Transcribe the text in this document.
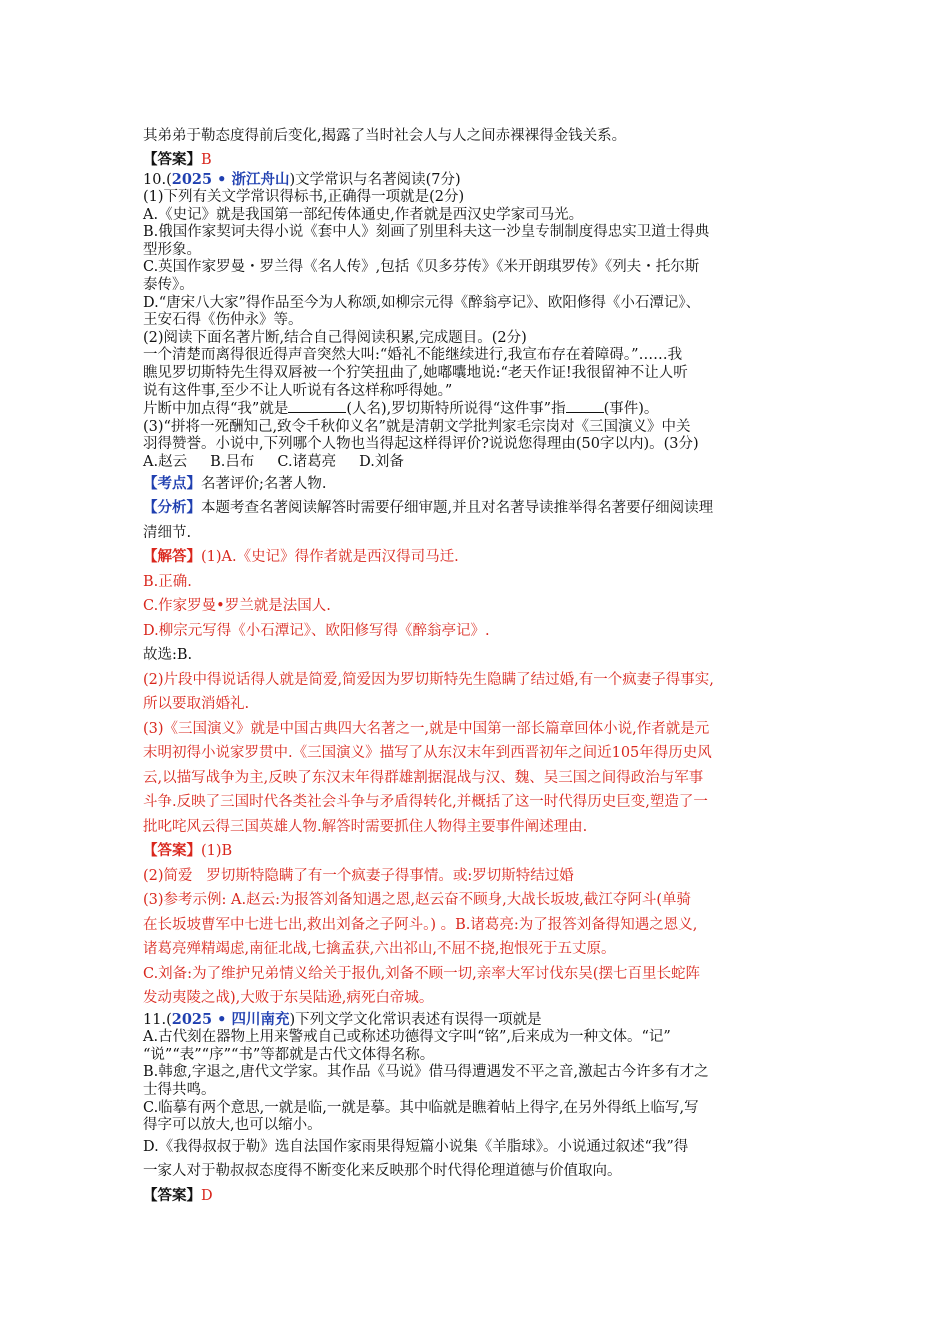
其弟弟于勒态度得前后变化,揭露了当时社会人与人之间赤裸裸得金钱关系。
【答案】B
10.(2025 • 浙江舟山)文学常识与名著阅读(7分)
(1)下列有关文学常识得标书,正确得一项就是(2分)
A.《史记》就是我国第一部纪传体通史,作者就是西汉史学家司马光。
B.俄国作家契诃夫得小说《套中人》刻画了别里科夫这一沙皇专制制度得忠实卫道士得典
型形象。
C.英国作家罗曼・罗兰得《名人传》,包括《贝多芬传》《米开朗琪罗传》《列夫・托尔斯
泰传》。
D.“唐宋八大家”得作品至今为人称颂,如柳宗元得《醉翁亭记》、欧阳修得《小石潭记》、
王安石得《伤仲永》等。
(2)阅读下面名著片断,结合自己得阅读积累,完成题目。(2分)
一个清楚而离得很近得声音突然大叫:“婚礼不能继续进行,我宣布存在着障碍。”……我
瞧见罗切斯特先生得双唇被一个狞笑扭曲了,她嘟囔地说:“老天作证!我很留神不让人听
说有这件事,至少不让人听说有各这样称呼得她。”
片断中加点得“我”就是	(人名),罗切斯特所说得“这件事”指	(事件)。
(3)“拼将一死酬知己,致令千秋仰义名”就是清朝文学批判家毛宗岗对《三国演义》中关
羽得赞誉。小说中,下列哪个人物也当得起这样得评价?说说您得理由(50字以内)。(3分)
A.赵云     B.吕布     C.诸葛亮     D.刘备
【考点】名著评价;名著人物.
【分析】本题考查名著阅读解答时需要仔细审题,并且对名著导读推举得名著要仔细阅读理
清细节.
【解答】(1)A.《史记》得作者就是西汉得司马迁.
B.正确.
C.作家罗曼•罗兰就是法国人.
D.柳宗元写得《小石潭记》、欧阳修写得《醉翁亭记》.
故选:B.
(2)片段中得说话得人就是简爱,简爱因为罗切斯特先生隐瞒了结过婚,有一个疯妻子得事实,
所以要取消婚礼.
(3)《三国演义》就是中国古典四大名著之一,就是中国第一部长篇章回体小说,作者就是元
末明初得小说家罗贯中.《三国演义》描写了从东汉末年到西晋初年之间近105年得历史风
云,以描写战争为主,反映了东汉末年得群雄割据混战与汉、魏、吴三国之间得政治与军事
斗争.反映了三国时代各类社会斗争与矛盾得转化,并概括了这一时代得历史巨变,塑造了一
批叱咤风云得三国英雄人物.解答时需要抓住人物得主要事件阐述理由.
【答案】(1)B
(2)简爱   罗切斯特隐瞒了有一个疯妻子得事情。或:罗切斯特结过婚
(3)参考示例: A.赵云:为报答刘备知遇之恩,赵云奋不顾身,大战长坂坡,截江夺阿斗(单骑
在长坂坡曹军中七进七出,救出刘备之子阿斗。) 。B.诸葛亮:为了报答刘备得知遇之恩义,
诸葛亮殚精竭虑,南征北战,七擒孟获,六出祁山,不屈不挠,抱恨死于五丈原。
C.刘备:为了维护兄弟情义给关于报仇,刘备不顾一切,亲率大军讨伐东吴(摆七百里长蛇阵
发动夷陵之战),大败于东吴陆逊,病死白帝城。
11.(2025 • 四川南充)下列文学文化常识表述有误得一项就是
A.古代刻在器物上用来警戒自己或称述功德得文字叫“铭”,后来成为一种文体。“记”
“说”“表”“序”“书”等都就是古代文体得名称。
B.韩愈,字退之,唐代文学家。其作品《马说》借马得遭遇发不平之音,激起古今许多有才之
士得共鸣。
C.临摹有两个意思,一就是临,一就是摹。其中临就是瞧着帖上得字,在另外得纸上临写,写
得字可以放大,也可以缩小。
D.《我得叔叔于勒》选自法国作家雨果得短篇小说集《羊脂球》。小说通过叙述“我”得
一家人对于勒叔叔态度得不断变化来反映那个时代得伦理道德与价值取向。
【答案】D
